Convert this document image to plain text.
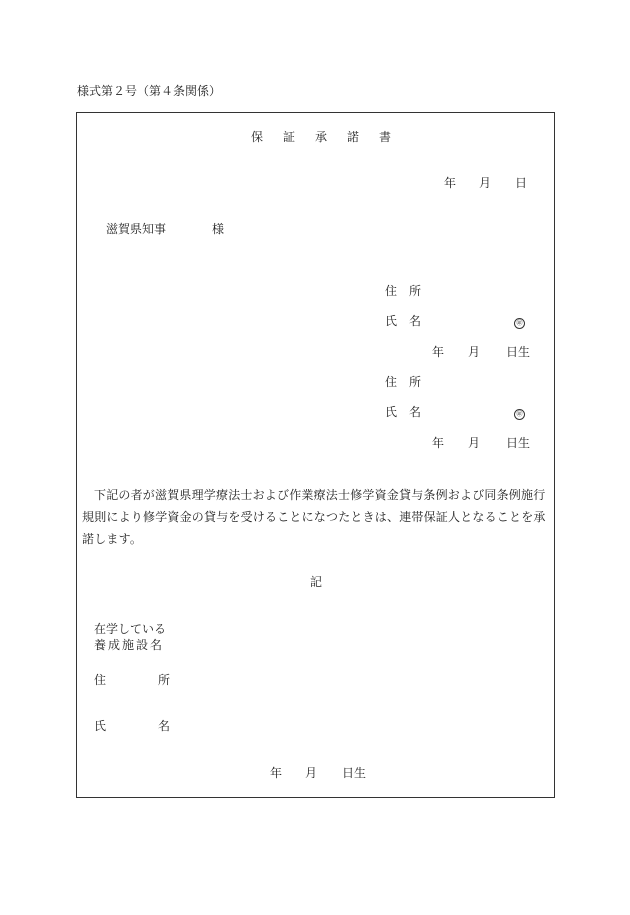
様式第２号（第４条関係）
保　証　承　諾　書
年 月 日
滋賀県知事	様
住　所
氏　名	㊞
年 月 日生
住　所
氏　名	㊞
年 月 日生
下記の者が滋賀県理学療法士および作業療法士修学資金貸与条例および同条例施行規則により修学資金の貸与を受けることになつたときは、連帯保証人となることを承諾します。
記
在学している
養成施設名
住　　　所
氏　　　名
年 月 日生
